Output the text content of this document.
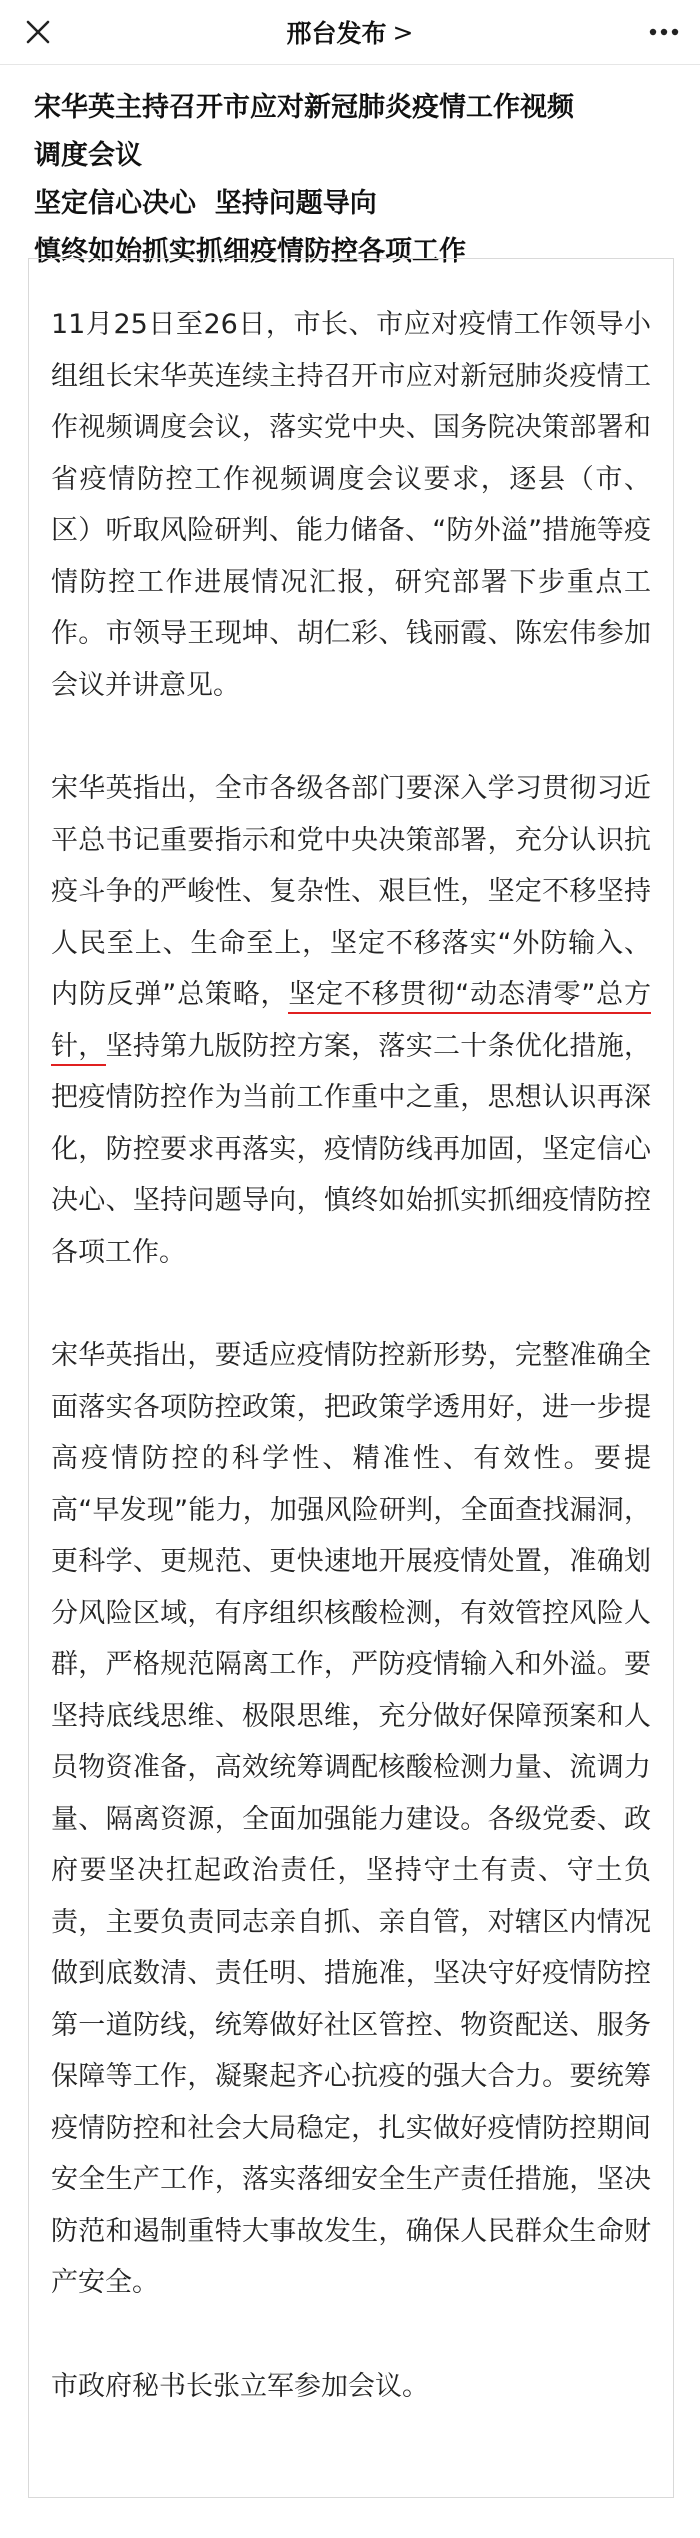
邢台发布 >
宋华英主持召开市应对新冠肺炎疫情工作视频
调度会议
坚定信心决心  坚持问题导向
慎终如始抓实抓细疫情防控各项工作

11月25日至26日，市长、市应对疫情工作领导小组组长宋华英连续主持召开市应对新冠肺炎疫情工作视频调度会议，落实党中央、国务院决策部署和省疫情防控工作视频调度会议要求，逐县（市、区）听取风险研判、能力储备、“防外溢”措施等疫情防控工作进展情况汇报，研究部署下步重点工作。市领导王现坤、胡仁彩、钱丽霞、陈宏伟参加会议并讲意见。

宋华英指出，全市各级各部门要深入学习贯彻习近平总书记重要指示和党中央决策部署，充分认识抗疫斗争的严峻性、复杂性、艰巨性，坚定不移坚持人民至上、生命至上，坚定不移落实“外防输入、内防反弹”总策略，坚定不移贯彻“动态清零”总方针，坚持第九版防控方案，落实二十条优化措施，把疫情防控作为当前工作重中之重，思想认识再深化，防控要求再落实，疫情防线再加固，坚定信心决心、坚持问题导向，慎终如始抓实抓细疫情防控各项工作。

宋华英指出，要适应疫情防控新形势，完整准确全面落实各项防控政策，把政策学透用好，进一步提高疫情防控的科学性、精准性、有效性。要提高“早发现”能力，加强风险研判，全面查找漏洞，更科学、更规范、更快速地开展疫情处置，准确划分风险区域，有序组织核酸检测，有效管控风险人群，严格规范隔离工作，严防疫情输入和外溢。要坚持底线思维、极限思维，充分做好保障预案和人员物资准备，高效统筹调配核酸检测力量、流调力量、隔离资源，全面加强能力建设。各级党委、政府要坚决扛起政治责任，坚持守土有责、守土负责，主要负责同志亲自抓、亲自管，对辖区内情况做到底数清、责任明、措施准，坚决守好疫情防控第一道防线，统筹做好社区管控、物资配送、服务保障等工作，凝聚起齐心抗疫的强大合力。要统筹疫情防控和社会大局稳定，扎实做好疫情防控期间安全生产工作，落实落细安全生产责任措施，坚决防范和遏制重特大事故发生，确保人民群众生命财产安全。

市政府秘书长张立军参加会议。
